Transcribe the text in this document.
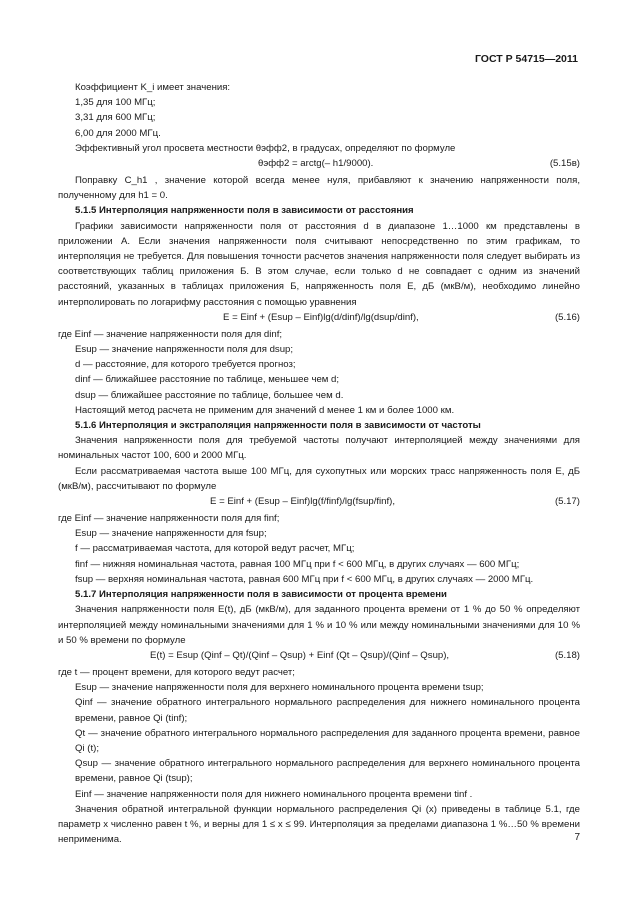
ГОСТ Р 54715—2011

Коэффициент K_i имеет значения:

1,35 для 100 МГц;

3,31 для 600 МГц;

6,00 для 2000 МГц.

Эффективный угол просвета местности θэфф2, в градусах, определяют по формуле

θэфф2 = arctg(– h1/9000).	(5.15в)

Поправку C_h1 , значение которой всегда менее нуля, прибавляют к значению напряженности поля, полученному для h1 = 0.

5.1.5 Интерполяция напряженности поля в зависимости от расстояния

Графики зависимости напряженности поля от расстояния d в диапазоне 1…1000 км представлены в приложении А. Если значения напряженности поля считывают непосредственно по этим графикам, то интерполяция не требуется. Для повышения точности расчетов значения напряженности поля следует выбирать из соответствующих таблиц приложения Б. В этом случае, если только d не совпадает с одним из значений расстояний, указанных в таблицах приложения Б, напряженность поля E, дБ (мкВ/м), необходимо линейно интерполировать по логарифму расстояния с помощью уравнения

E = Einf + (Esup – Einf)lg(d/dinf)/lg(dsup/dinf),	(5.16)

где Einf — значение напряженности поля для dinf;

Esup — значение напряженности поля для dsup;

d — расстояние, для которого требуется прогноз;

dinf — ближайшее расстояние по таблице, меньшее чем d;

dsup — ближайшее расстояние по таблице, большее чем d.

Настоящий метод расчета не применим для значений d менее 1 км и более 1000 км.

5.1.6 Интерполяция и экстраполяция напряженности поля в зависимости от частоты

Значения напряженности поля для требуемой частоты получают интерполяцией между значениями для номинальных частот 100, 600 и 2000 МГц.

Если рассматриваемая частота выше 100 МГц, для сухопутных или морских трасс напряженность поля E, дБ (мкВ/м), рассчитывают по формуле

E = Einf + (Esup – Einf)lg(f/finf)/lg(fsup/finf),	(5.17)

где Einf — значение напряженности поля для finf;

Esup — значение напряженности для fsup;

f — рассматриваемая частота, для которой ведут расчет, МГц;

finf — нижняя номинальная частота, равная 100 МГц при f < 600 МГц, в других случаях — 600 МГц;

fsup — верхняя номинальная частота, равная 600 МГц при f < 600 МГц, в других случаях — 2000 МГц.

5.1.7 Интерполяция напряженности поля в зависимости от процента времени

Значения напряженности поля E(t), дБ (мкВ/м), для заданного процента времени от 1 % до 50 % определяют интерполяцией между номинальными значениями для 1 % и 10 % или между номинальными значениями для 10 % и 50 % времени по формуле

E(t) = Esup (Qinf – Qt)/(Qinf – Qsup) + Einf (Qt – Qsup)/(Qinf – Qsup),	(5.18)

где t — процент времени, для которого ведут расчет;

Esup — значение напряженности поля для верхнего номинального процента времени tsup;

Qinf — значение обратного интегрального нормального распределения для нижнего номинального процента времени, равное Qi (tinf);

Qt — значение обратного интегрального нормального распределения для заданного процента времени, равное Qi (t);

Qsup — значение обратного интегрального нормального распределения для верхнего номинального процента времени, равное Qi (tsup);

Einf — значение напряженности поля для нижнего номинального процента времени tinf .

Значения обратной интегральной функции нормального распределения Qi (x) приведены в таблице 5.1, где параметр x численно равен t %, и верны для 1 ≤ x ≤ 99. Интерполяция за пределами диапазона 1 %…50 % времени неприменима.	7
